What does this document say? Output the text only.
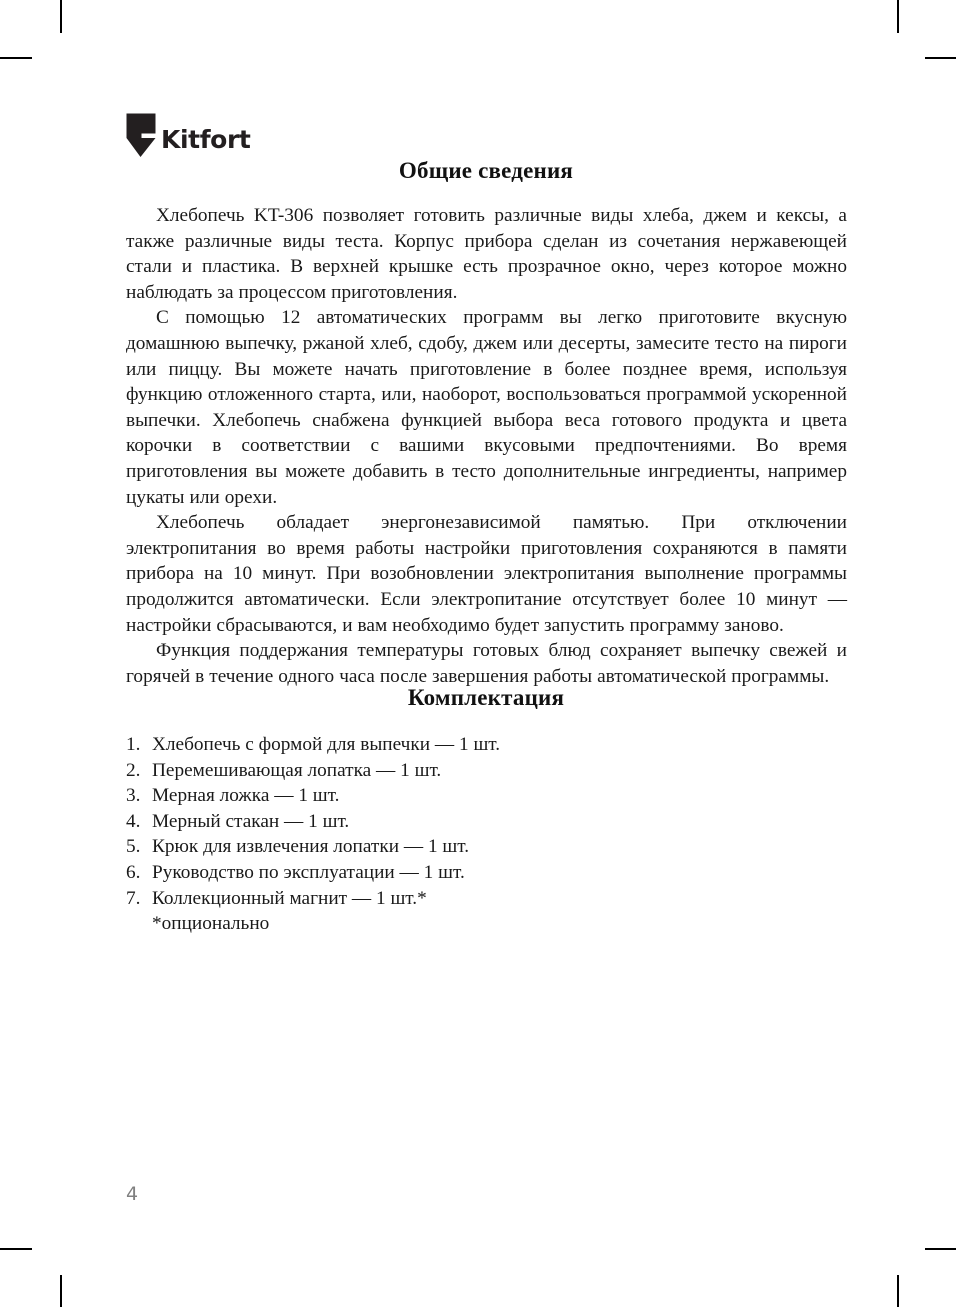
Kitfort
Общие сведения

Хлебопечь KT-306 позволяет готовить различные виды хлеба, джем и кексы, а также различные виды теста. Корпус прибора сделан из сочетания нержавеющей стали и пластика. В верхней крышке есть прозрачное окно, через которое можно наблюдать за процессом приготовления.

С помощью 12 автоматических программ вы легко приготовите вкусную домашнюю выпечку, ржаной хлеб, сдобу, джем или десерты, замесите тесто на пироги или пиццу. Вы можете начать приготовление в более позднее время, используя функцию отложенного старта, или, наоборот, воспользоваться программой ускоренной выпечки. Хлебопечь снабжена функцией выбора веса готового продукта и цвета корочки в соответствии с вашими вкусовыми предпочтениями. Во время приготовления вы можете добавить в тесто дополнительные ингредиенты, например цукаты или орехи.

Хлебопечь обладает энергонезависимой памятью. При отключении электропитания во время работы настройки приготовления сохраняются в памяти прибора на 10 минут. При возобновлении электропитания выполнение программы продолжится автоматически. Если электропитание отсутствует более 10 минут — настройки сбрасываются, и вам необходимо будет запустить программу заново.

Функция поддержания температуры готовых блюд сохраняет выпечку свежей и горячей в течение одного часа после завершения работы автоматической программы.

Комплектация
1. Хлебопечь с формой для выпечки — 1 шт.
2. Перемешивающая лопатка — 1 шт.
3. Мерная ложка — 1 шт.
4. Мерный стакан — 1 шт.
5. Крюк для извлечения лопатки — 1 шт.
6. Руководство по эксплуатации — 1 шт.
7. Коллекционный магнит — 1 шт.*
*опционально
4
